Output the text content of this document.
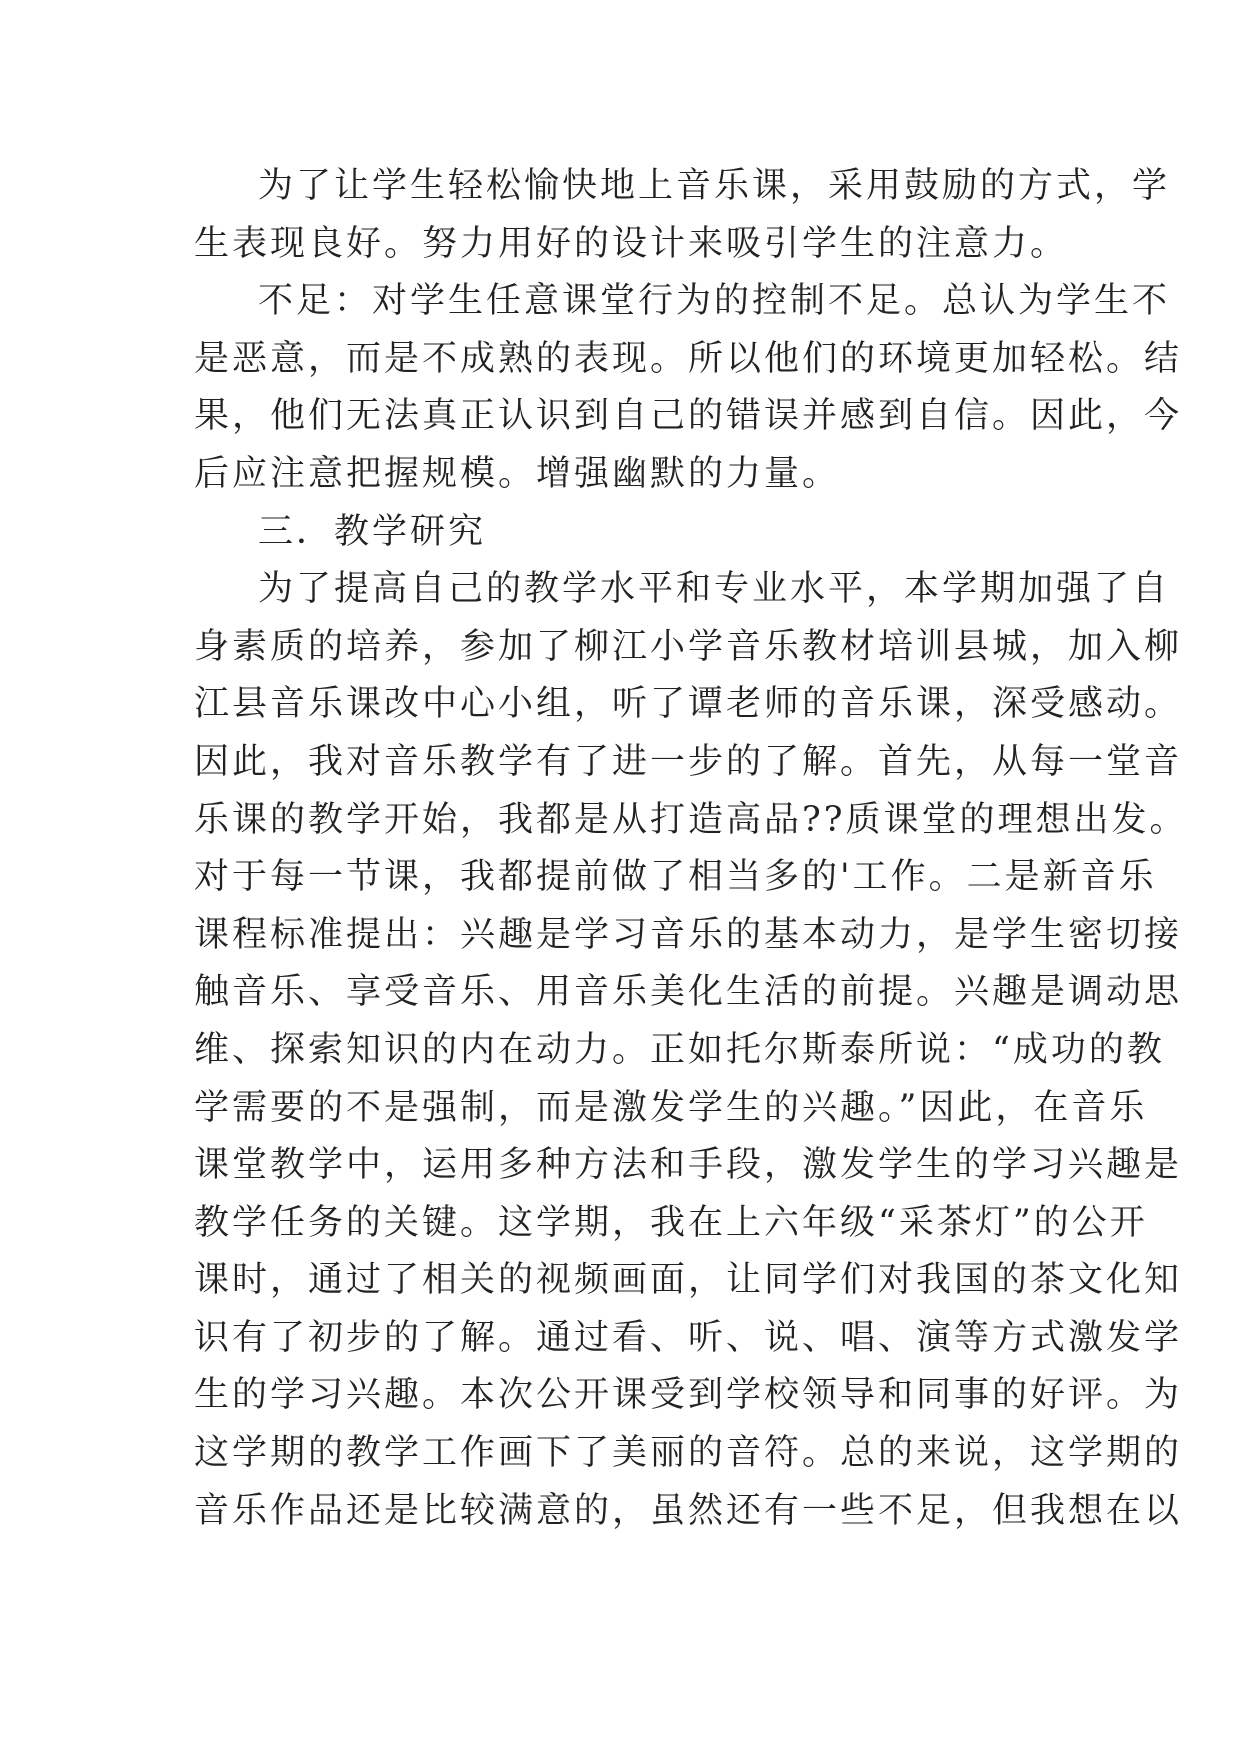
为了让学生轻松愉快地上音乐课，采用鼓励的方式，学
生表现良好。努力用好的设计来吸引学生的注意力。
不足：对学生任意课堂行为的控制不足。总认为学生不
是恶意，而是不成熟的表现。所以他们的环境更加轻松。结
果，他们无法真正认识到自己的错误并感到自信。因此，今
后应注意把握规模。增强幽默的力量。
三．教学研究
为了提高自己的教学水平和专业水平，本学期加强了自
身素质的培养，参加了柳江小学音乐教材培训县城，加入柳
江县音乐课改中心小组，听了谭老师的音乐课，深受感动。
因此，我对音乐教学有了进一步的了解。首先，从每一堂音
乐课的教学开始，我都是从打造高品??质课堂的理想出发。
对于每一节课，我都提前做了相当多的'工作。二是新音乐
课程标准提出：兴趣是学习音乐的基本动力，是学生密切接
触音乐、享受音乐、用音乐美化生活的前提。兴趣是调动思
维、探索知识的内在动力。正如托尔斯泰所说：“成功的教
学需要的不是强制，而是激发学生的兴趣。”因此，在音乐
课堂教学中，运用多种方法和手段，激发学生的学习兴趣是
教学任务的关键。这学期，我在上六年级“采茶灯”的公开
课时，通过了相关的视频画面，让同学们对我国的茶文化知
识有了初步的了解。通过看、听、说、唱、演等方式激发学
生的学习兴趣。本次公开课受到学校领导和同事的好评。为
这学期的教学工作画下了美丽的音符。总的来说，这学期的
音乐作品还是比较满意的，虽然还有一些不足，但我想在以
